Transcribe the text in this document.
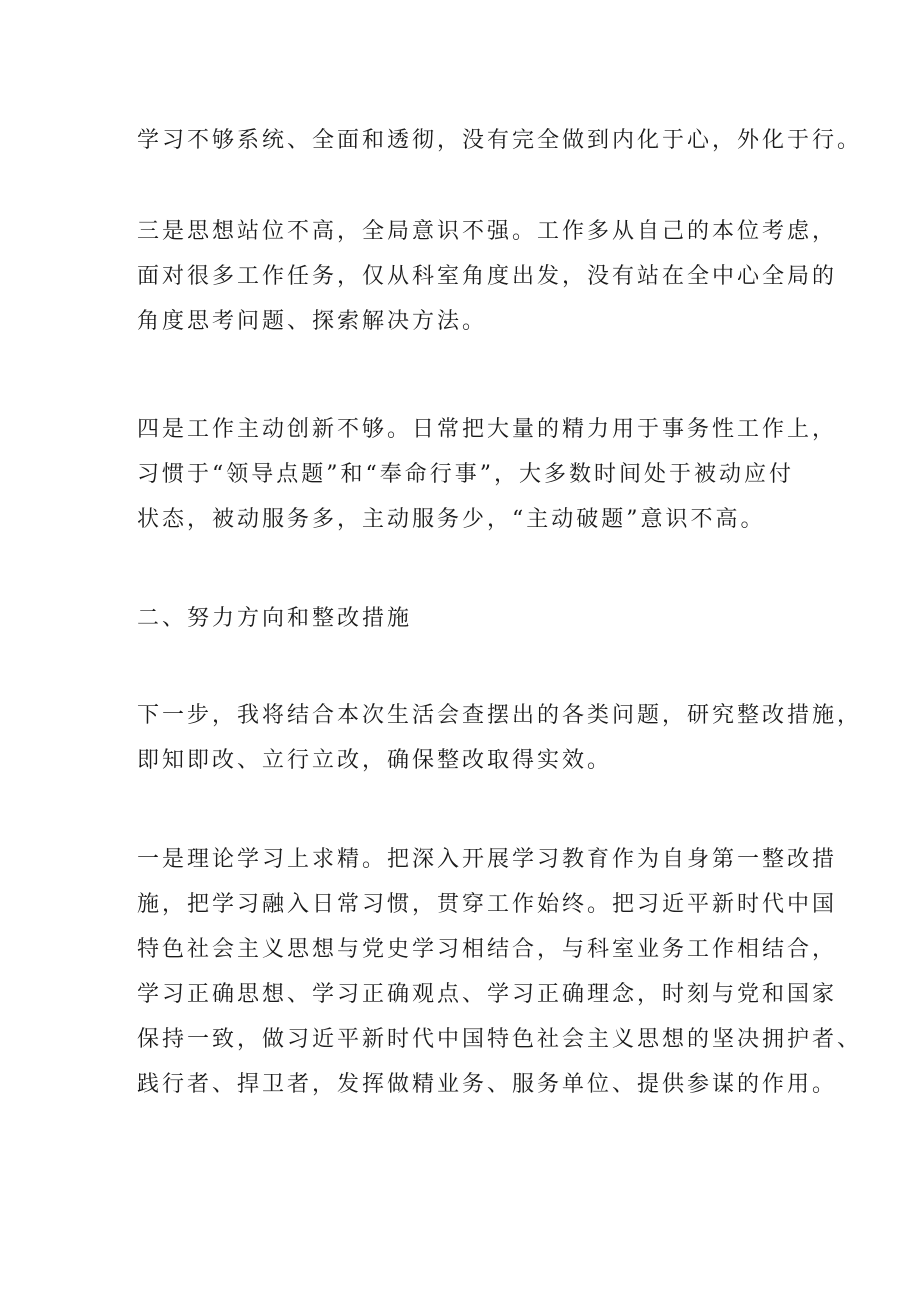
学习不够系统、全面和透彻，没有完全做到内化于心，外化于行。

三是思想站位不高，全局意识不强。工作多从自己的本位考虑，
面对很多工作任务，仅从科室角度出发，没有站在全中心全局的
角度思考问题、探索解决方法。

四是工作主动创新不够。日常把大量的精力用于事务性工作上，
习惯于“领导点题”和“奉命行事”，大多数时间处于被动应付
状态，被动服务多，主动服务少，“主动破题”意识不高。

二、努力方向和整改措施

下一步，我将结合本次生活会查摆出的各类问题，研究整改措施，
即知即改、立行立改，确保整改取得实效。

一是理论学习上求精。把深入开展学习教育作为自身第一整改措
施，把学习融入日常习惯，贯穿工作始终。把习近平新时代中国
特色社会主义思想与党史学习相结合，与科室业务工作相结合，
学习正确思想、学习正确观点、学习正确理念，时刻与党和国家
保持一致，做习近平新时代中国特色社会主义思想的坚决拥护者、
践行者、捍卫者，发挥做精业务、服务单位、提供参谋的作用。
